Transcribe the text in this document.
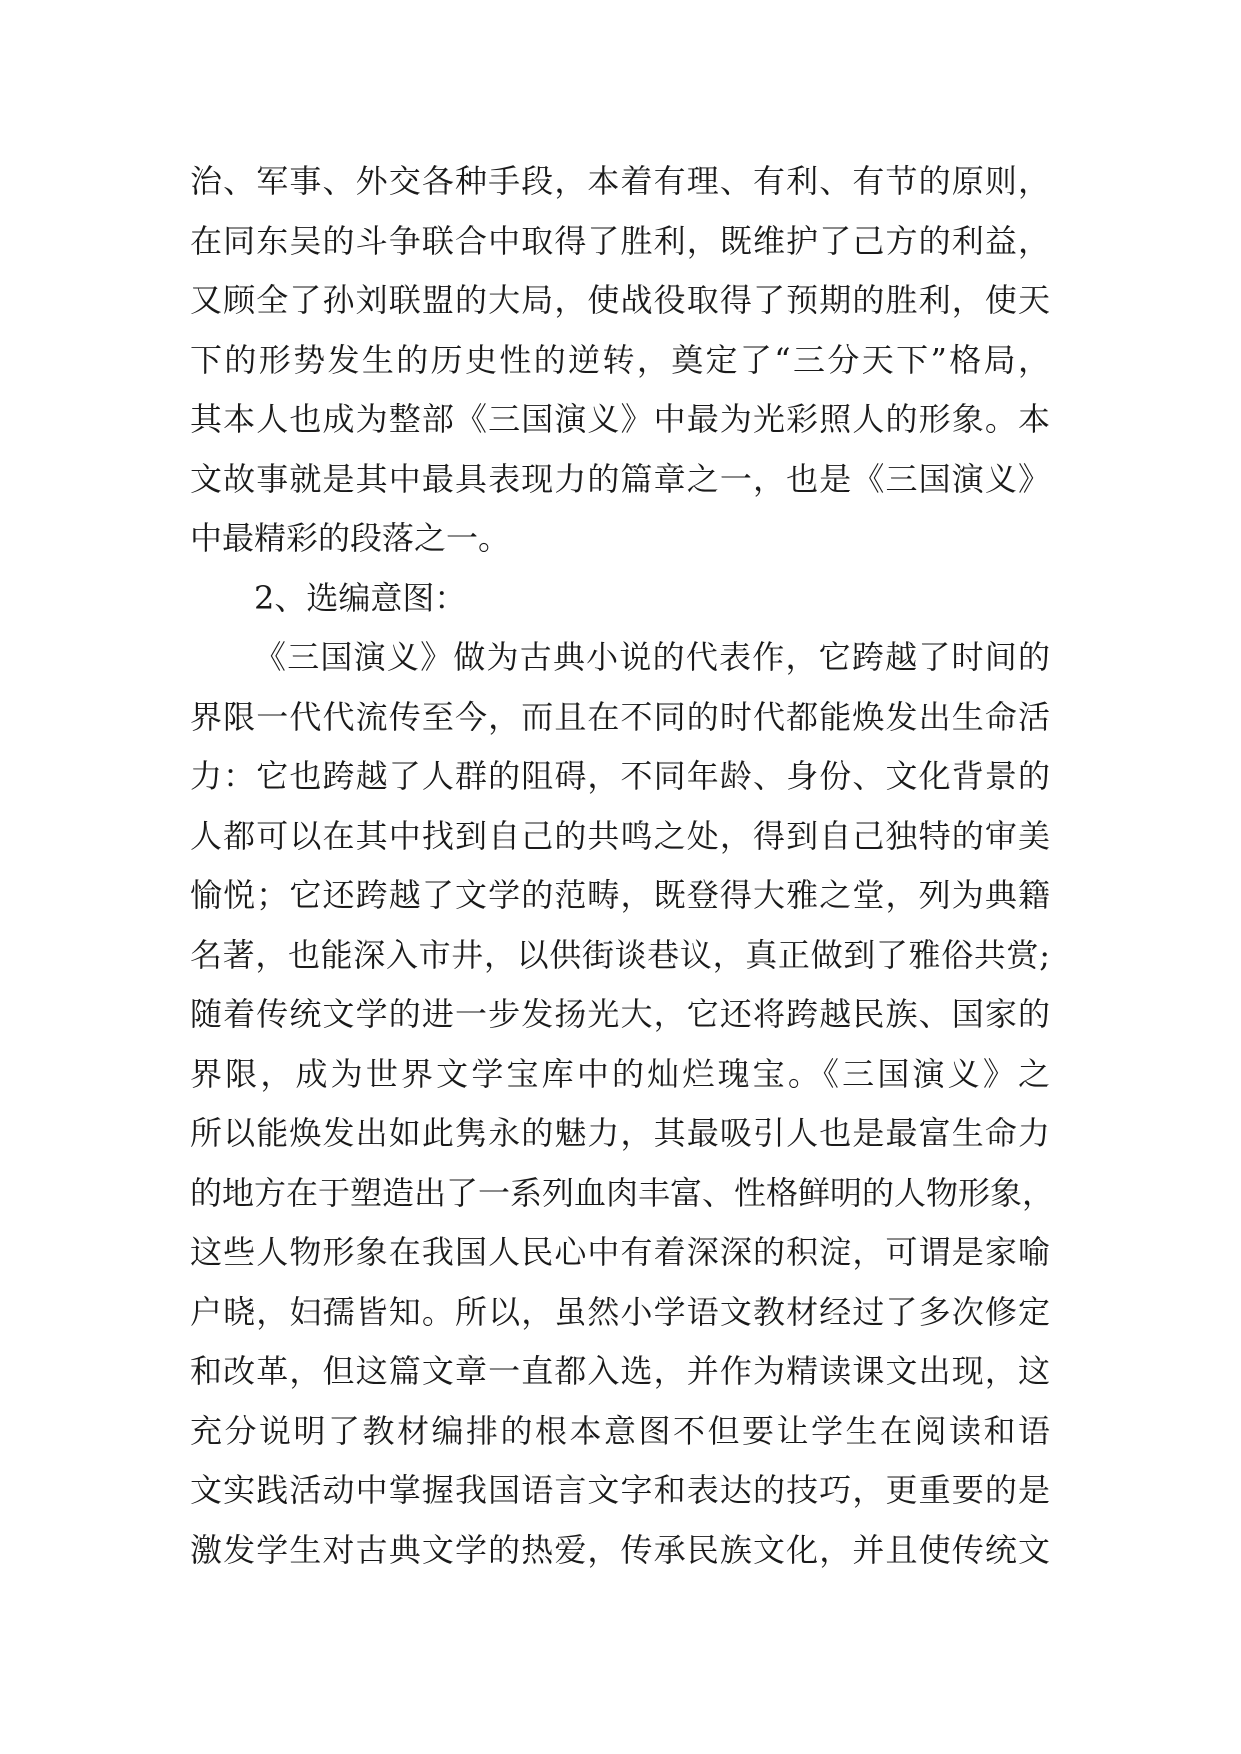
治、军事、外交各种手段，本着有理、有利、有节的原则，
在同东吴的斗争联合中取得了胜利，既维护了己方的利益，
又顾全了孙刘联盟的大局，使战役取得了预期的胜利，使天
下的形势发生的历史性的逆转，奠定了“三分天下”格局，
其本人也成为整部《三国演义》中最为光彩照人的形象。本
文故事就是其中最具表现力的篇章之一，也是《三国演义》
中最精彩的段落之一。
2、选编意图：
《三国演义》做为古典小说的代表作，它跨越了时间的
界限一代代流传至今，而且在不同的时代都能焕发出生命活
力：它也跨越了人群的阻碍，不同年龄、身份、文化背景的
人都可以在其中找到自己的共鸣之处，得到自己独特的审美
愉悦；它还跨越了文学的范畴，既登得大雅之堂，列为典籍
名著，也能深入市井，以供街谈巷议，真正做到了雅俗共赏;
随着传统文学的进一步发扬光大，它还将跨越民族、国家的
界限，成为世界文学宝库中的灿烂瑰宝。《三国演义》之
所以能焕发出如此隽永的魅力，其最吸引人也是最富生命力
的地方在于塑造出了一系列血肉丰富、性格鲜明的人物形象，
这些人物形象在我国人民心中有着深深的积淀，可谓是家喻
户晓，妇孺皆知。所以，虽然小学语文教材经过了多次修定
和改革，但这篇文章一直都入选，并作为精读课文出现，这
充分说明了教材编排的根本意图不但要让学生在阅读和语
文实践活动中掌握我国语言文字和表达的技巧，更重要的是
激发学生对古典文学的热爱，传承民族文化，并且使传统文
